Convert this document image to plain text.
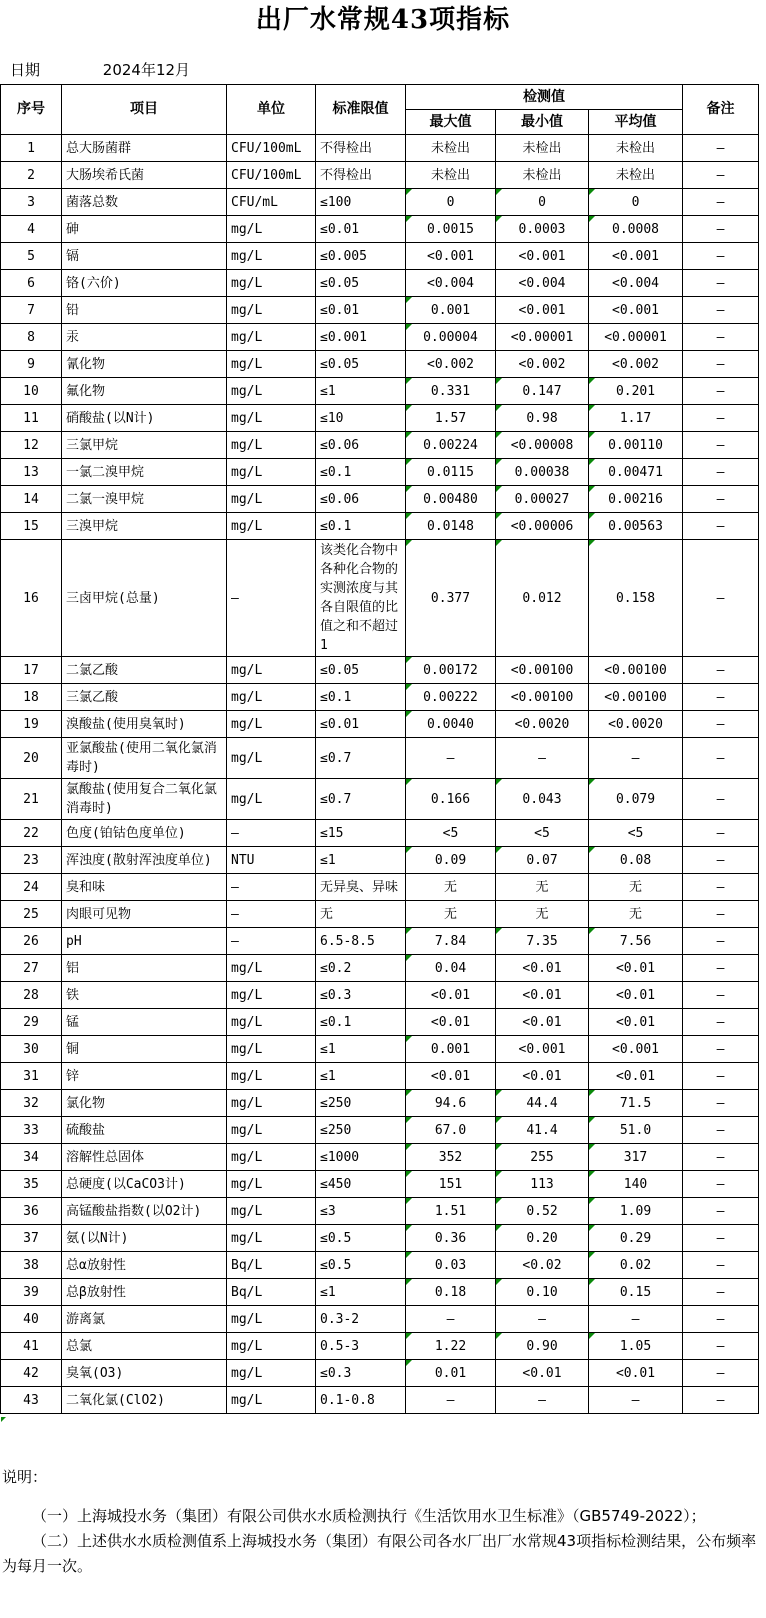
出厂水常规43项指标
日期	2024年12月
序号	项目	单位	标准限值	检测值			备注
				最大值	最小值	平均值	
1	总大肠菌群	CFU/100mL	不得检出	未检出	未检出	未检出	–
2	大肠埃希氏菌	CFU/100mL	不得检出	未检出	未检出	未检出	–
3	菌落总数	CFU/mL	≤100	0	0	0	–
4	砷	mg/L	≤0.01	0.0015	0.0003	0.0008	–
5	镉	mg/L	≤0.005	<0.001	<0.001	<0.001	–
6	铬(六价)	mg/L	≤0.05	<0.004	<0.004	<0.004	–
7	铅	mg/L	≤0.01	0.001	<0.001	<0.001	–
8	汞	mg/L	≤0.001	0.00004	<0.00001	<0.00001	–
9	氰化物	mg/L	≤0.05	<0.002	<0.002	<0.002	–
10	氟化物	mg/L	≤1	0.331	0.147	0.201	–
11	硝酸盐(以N计)	mg/L	≤10	1.57	0.98	1.17	–
12	三氯甲烷	mg/L	≤0.06	0.00224	<0.00008	0.00110	–
13	一氯二溴甲烷	mg/L	≤0.1	0.0115	0.00038	0.00471	–
14	二氯一溴甲烷	mg/L	≤0.06	0.00480	0.00027	0.00216	–
15	三溴甲烷	mg/L	≤0.1	0.0148	<0.00006	0.00563	–
16	三卤甲烷(总量)	–	该类化合物中各种化合物的实测浓度与其各自限值的比值之和不超过1	0.377	0.012	0.158	–
17	二氯乙酸	mg/L	≤0.05	0.00172	<0.00100	<0.00100	–
18	三氯乙酸	mg/L	≤0.1	0.00222	<0.00100	<0.00100	–
19	溴酸盐(使用臭氧时)	mg/L	≤0.01	0.0040	<0.0020	<0.0020	–
20	亚氯酸盐(使用二氧化氯消毒时)	mg/L	≤0.7	–	–	–	–
21	氯酸盐(使用复合二氧化氯消毒时)	mg/L	≤0.7	0.166	0.043	0.079	–
22	色度(铂钴色度单位)	–	≤15	<5	<5	<5	–
23	浑浊度(散射浑浊度单位)	NTU	≤1	0.09	0.07	0.08	–
24	臭和味	–	无异臭、异味	无	无	无	–
25	肉眼可见物	–	无	无	无	无	–
26	pH	–	6.5-8.5	7.84	7.35	7.56	–
27	铝	mg/L	≤0.2	0.04	<0.01	<0.01	–
28	铁	mg/L	≤0.3	<0.01	<0.01	<0.01	–
29	锰	mg/L	≤0.1	<0.01	<0.01	<0.01	–
30	铜	mg/L	≤1	0.001	<0.001	<0.001	–
31	锌	mg/L	≤1	<0.01	<0.01	<0.01	–
32	氯化物	mg/L	≤250	94.6	44.4	71.5	–
33	硫酸盐	mg/L	≤250	67.0	41.4	51.0	–
34	溶解性总固体	mg/L	≤1000	352	255	317	–
35	总硬度(以CaCO3计)	mg/L	≤450	151	113	140	–
36	高锰酸盐指数(以O2计)	mg/L	≤3	1.51	0.52	1.09	–
37	氨(以N计)	mg/L	≤0.5	0.36	0.20	0.29	–
38	总α放射性	Bq/L	≤0.5	0.03	<0.02	0.02	–
39	总β放射性	Bq/L	≤1	0.18	0.10	0.15	–
40	游离氯	mg/L	0.3-2	–	–	–	–
41	总氯	mg/L	0.5-3	1.22	0.90	1.05	–
42	臭氧(O3)	mg/L	≤0.3	0.01	<0.01	<0.01	–
43	二氧化氯(ClO2)	mg/L	0.1-0.8	–	–	–	–
说明：

（一）上海城投水务（集团）有限公司供水水质检测执行《生活饮用水卫生标准》（GB5749-2022）；

（二）上述供水水质检测值系上海城投水务（集团）有限公司各水厂出厂水常规43项指标检测结果，公布频率为每月一次。
